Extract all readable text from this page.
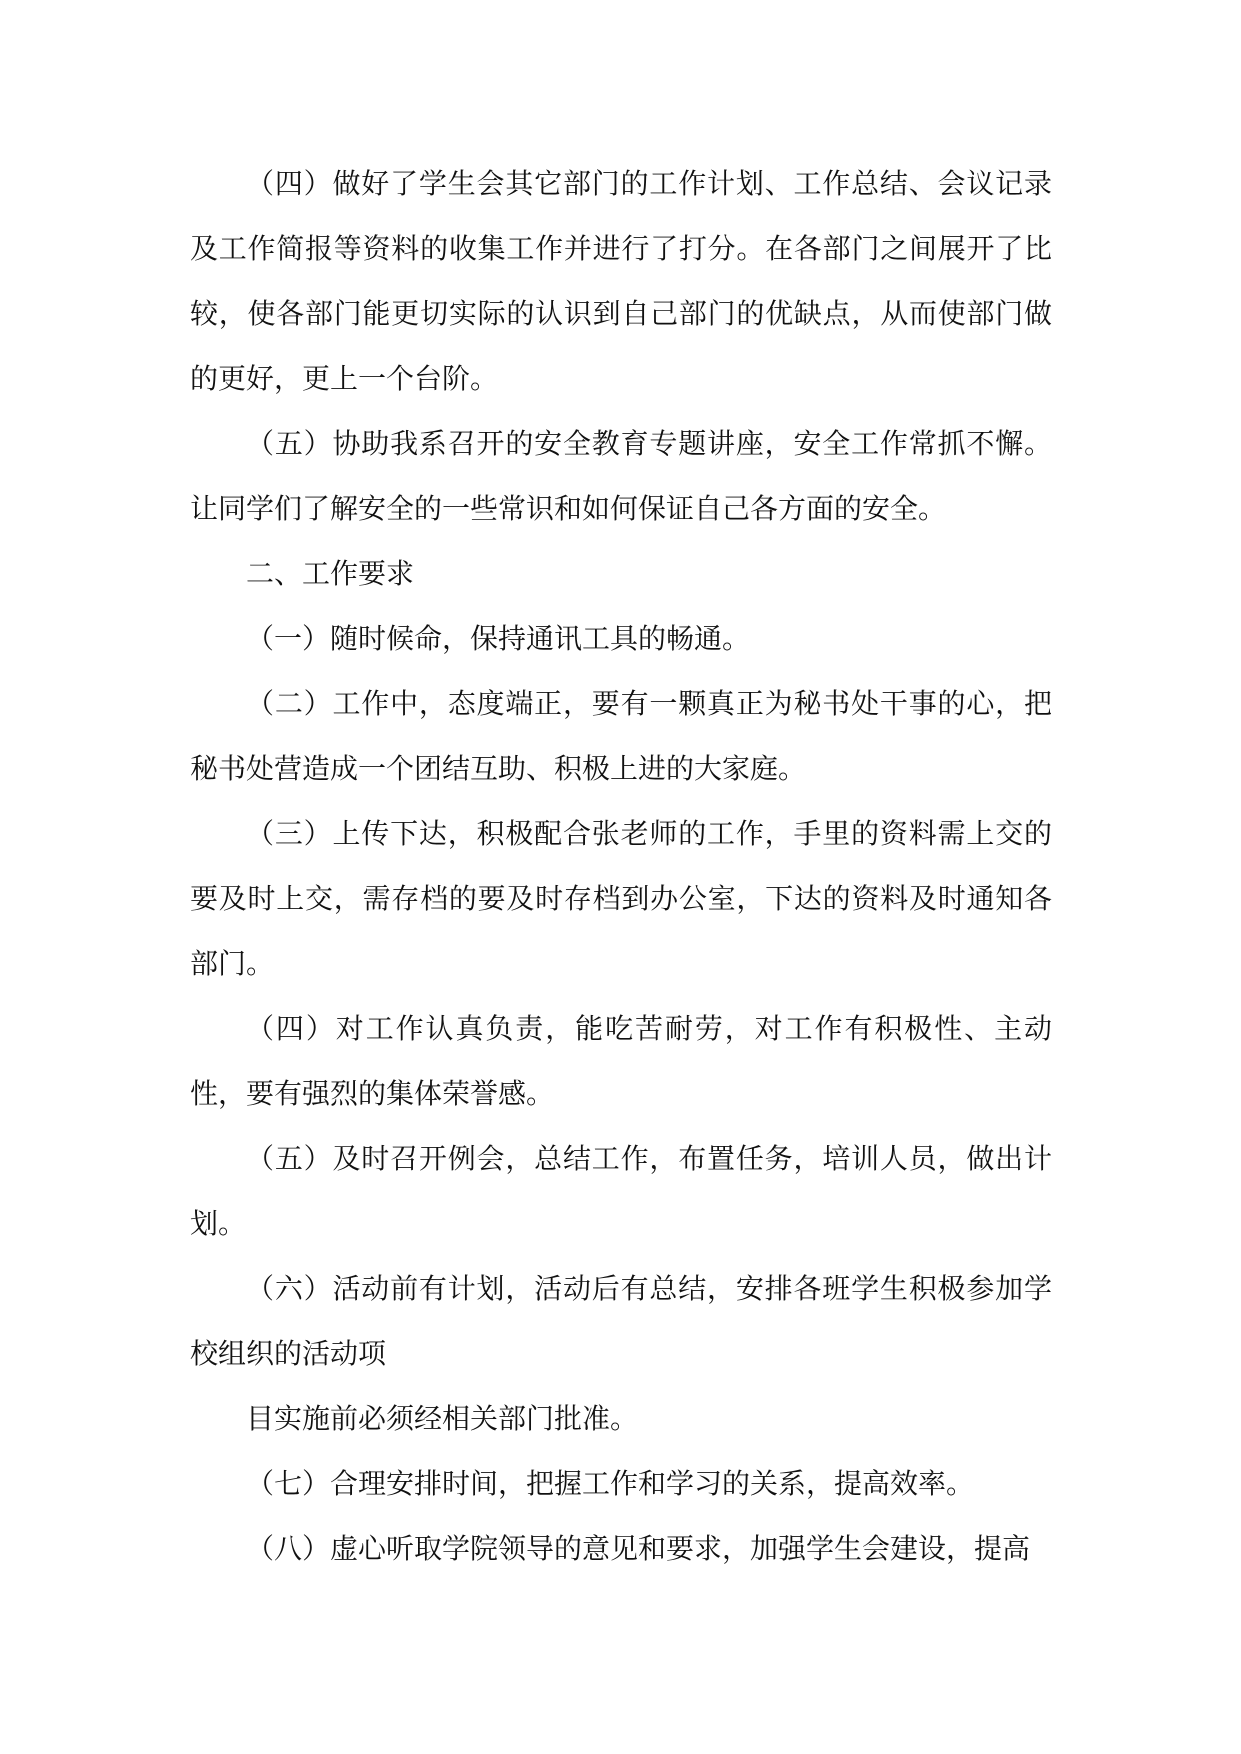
（四）做好了学生会其它部门的工作计划、工作总结、会议记录及工作简报等资料的收集工作并进行了打分。在各部门之间展开了比较，使各部门能更切实际的认识到自己部门的优缺点，从而使部门做的更好，更上一个台阶。

（五）协助我系召开的安全教育专题讲座，安全工作常抓不懈。让同学们了解安全的一些常识和如何保证自己各方面的安全。

二、工作要求

（一）随时候命，保持通讯工具的畅通。

（二）工作中，态度端正，要有一颗真正为秘书处干事的心，把秘书处营造成一个团结互助、积极上进的大家庭。

（三）上传下达，积极配合张老师的工作，手里的资料需上交的要及时上交，需存档的要及时存档到办公室，下达的资料及时通知各部门。

（四）对工作认真负责，能吃苦耐劳，对工作有积极性、主动性，要有强烈的集体荣誉感。

（五）及时召开例会，总结工作，布置任务，培训人员，做出计划。

（六）活动前有计划，活动后有总结，安排各班学生积极参加学校组织的活动项

目实施前必须经相关部门批准。

（七）合理安排时间，把握工作和学习的关系，提高效率。

（八）虚心听取学院领导的意见和要求，加强学生会建设，提高
